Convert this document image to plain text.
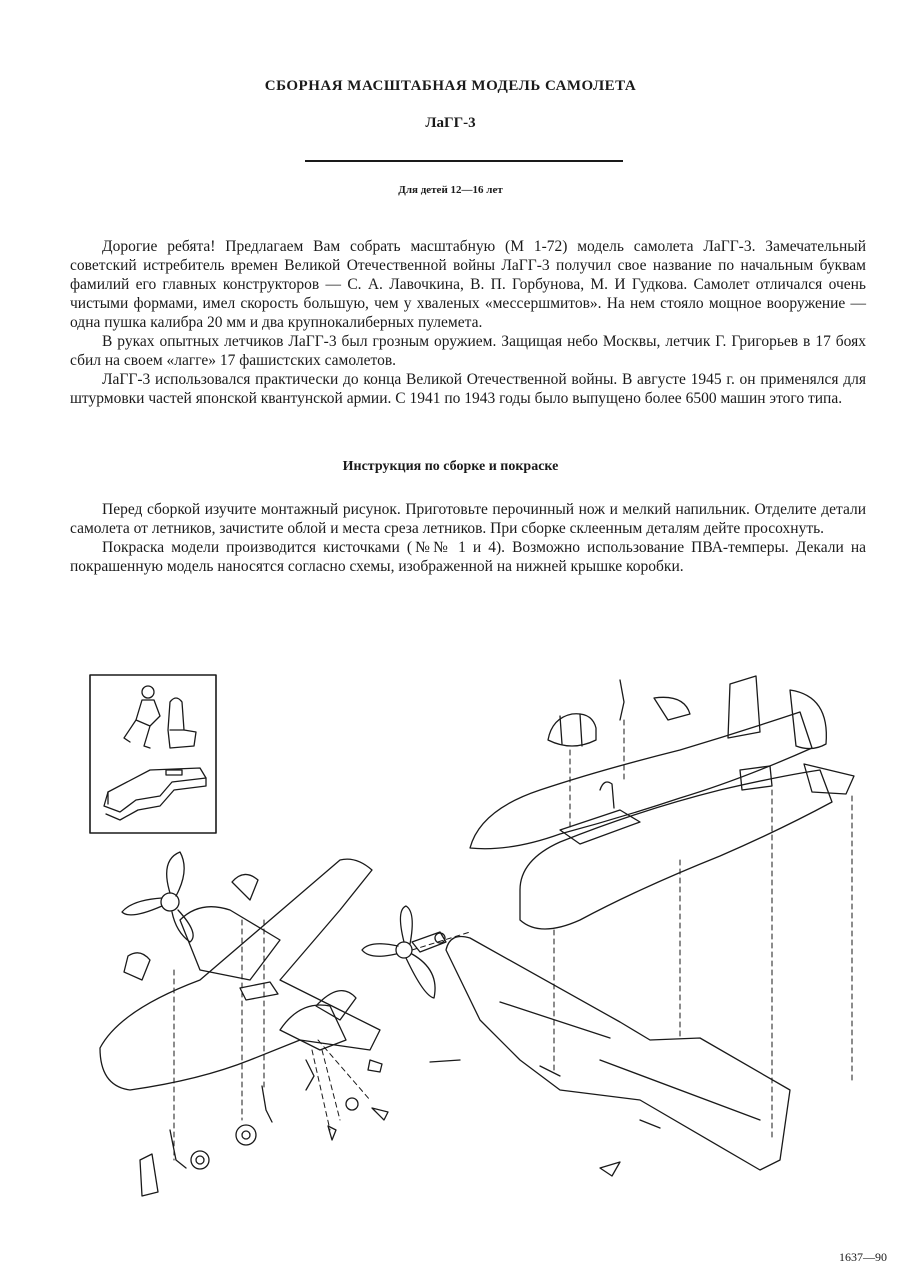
СБОРНАЯ МАСШТАБНАЯ МОДЕЛЬ САМОЛЕТА
ЛаГГ-3
Для детей 12—16 лет

Дорогие ребята! Предлагаем Вам собрать масштабную (М 1-72) модель самолета ЛаГГ-3. Замечательный советский истребитель времен Великой Отечественной войны ЛаГГ-3 получил свое название по начальным буквам фамилий его главных конструкторов — С. А. Лавочкина, В. П. Горбунова, М. И Гудкова. Самолет отличался очень чистыми формами, имел скорость большую, чем у хваленых «мессершмитов». На нем стояло мощное вооружение — одна пушка калибра 20 мм и два крупнокалиберных пулемета.

В руках опытных летчиков ЛаГГ-3 был грозным оружием. Защищая небо Москвы, летчик Г. Григорьев в 17 боях сбил на своем «лагге» 17 фашистских самолетов.

ЛаГГ-3 использовался практически до конца Великой Отечественной войны. В августе 1945 г. он применялся для штурмовки частей японской квантунской армии. С 1941 по 1943 годы было выпущено более 6500 машин этого типа.

Инструкция по сборке и покраске

Перед сборкой изучите монтажный рисунок. Приготовьте перочинный нож и мелкий напильник. Отделите детали самолета от летников, зачистите облой и места среза летников. При сборке склеенным деталям дейте просохнуть.

Покраска модели производится кисточками (№№ 1 и 4). Возможно использование ПВА-темперы. Декали на покрашенную модель наносятся согласно схемы, изображенной на нижней крышке коробки.

1637—90
